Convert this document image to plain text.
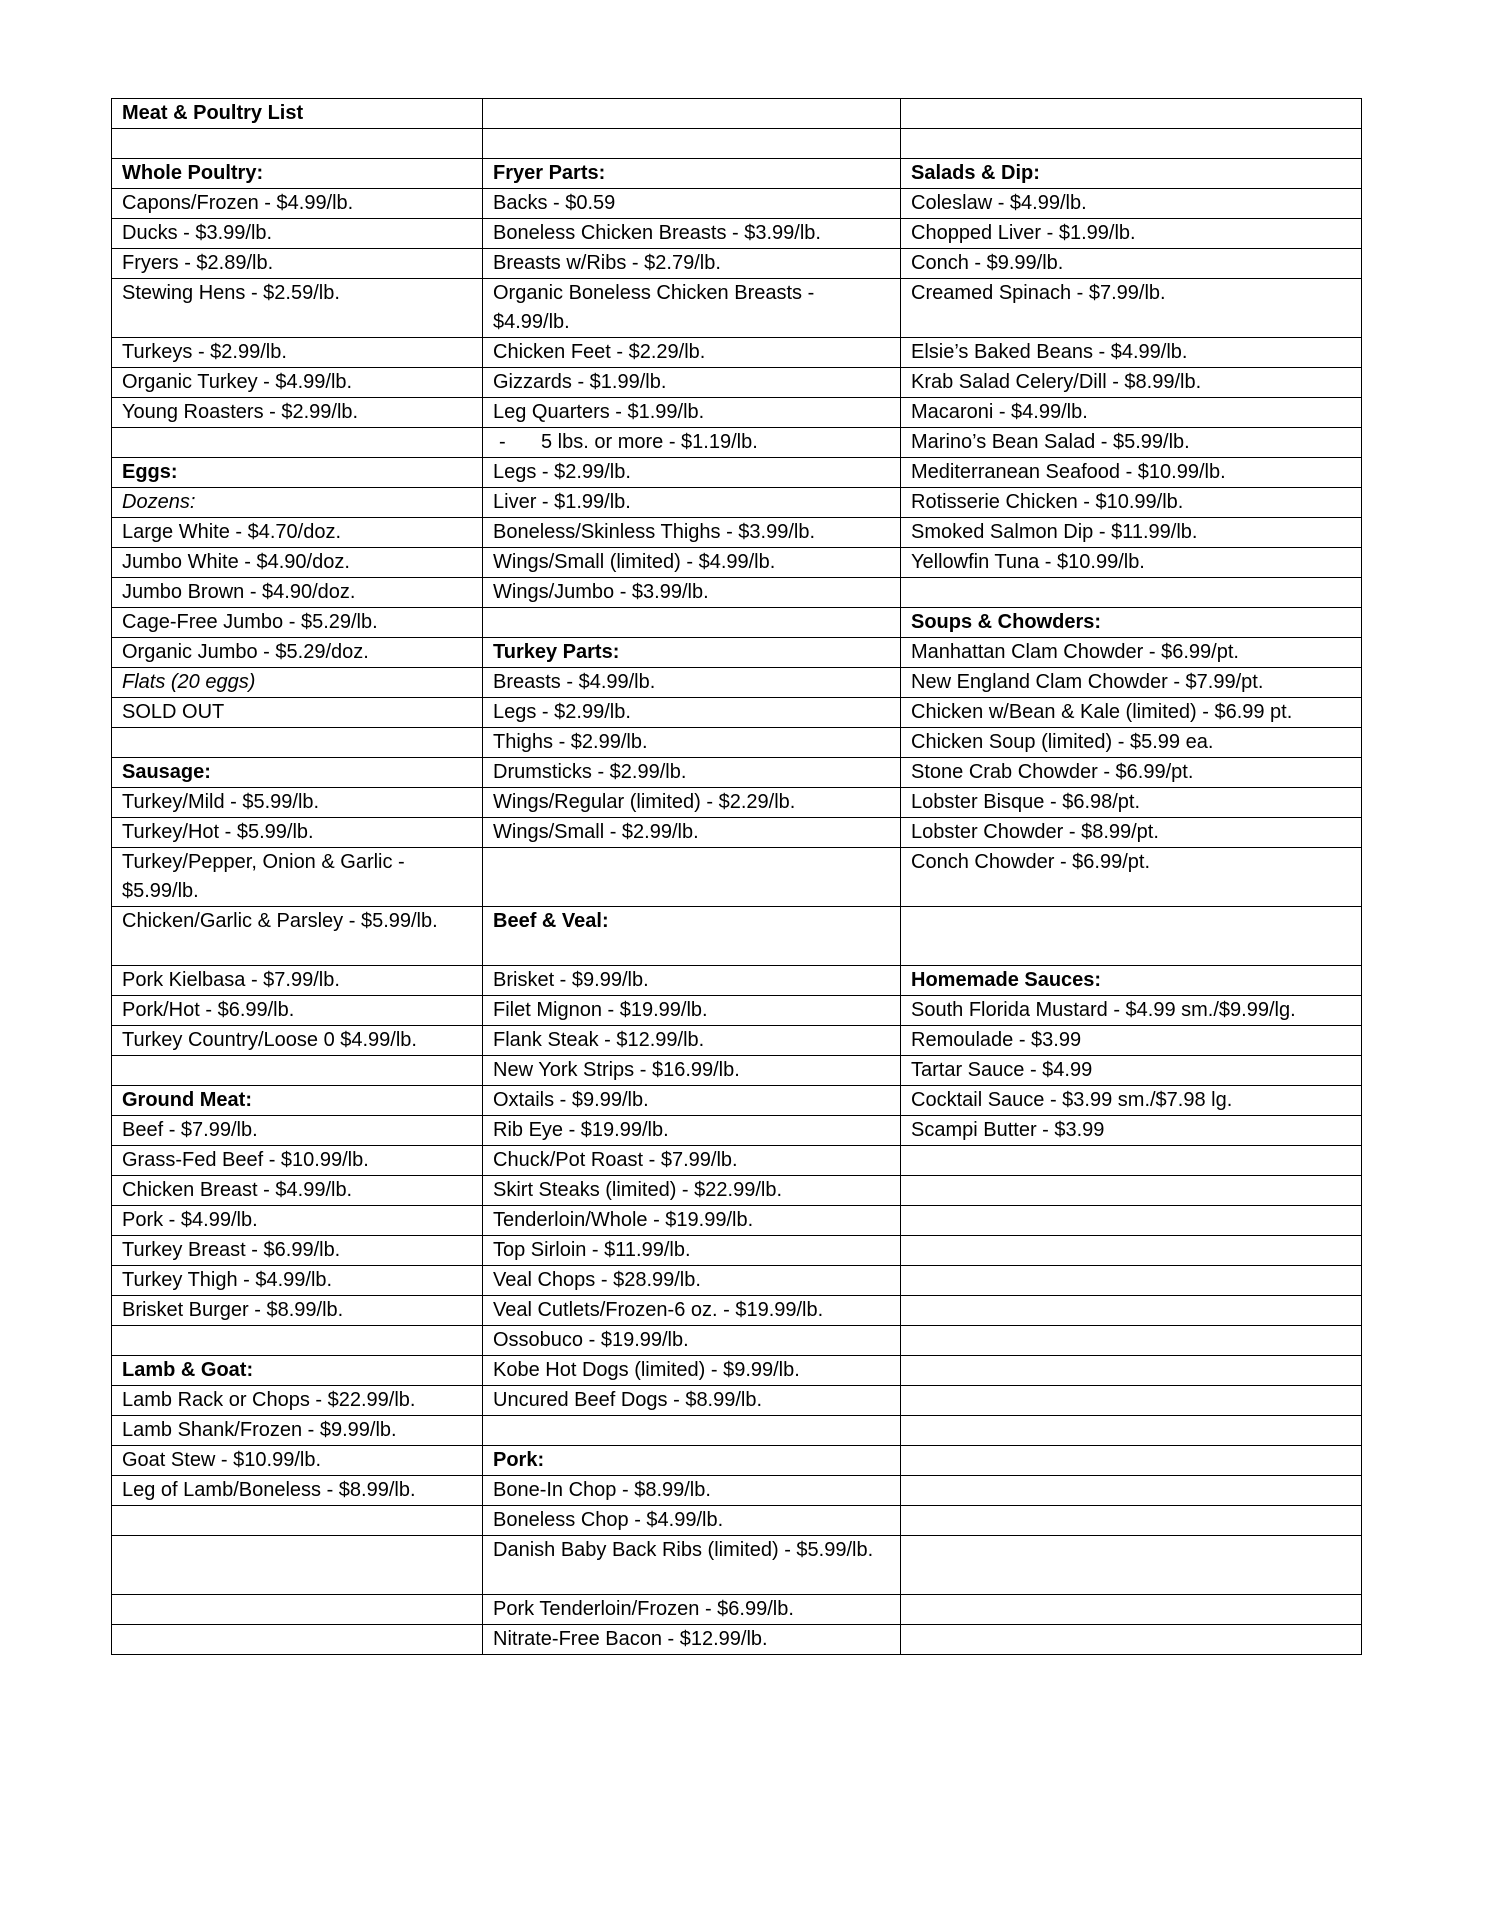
Meat & Poultry List		

Whole Poultry:	Fryer Parts:	Salads & Dip:
Capons/Frozen - $4.99/lb.	Backs - $0.59	Coleslaw - $4.99/lb.
Ducks - $3.99/lb.	Boneless Chicken Breasts - $3.99/lb.	Chopped Liver - $1.99/lb.
Fryers - $2.89/lb.	Breasts w/Ribs - $2.79/lb.	Conch - $9.99/lb.
Stewing Hens - $2.59/lb.	Organic Boneless Chicken Breasts - $4.99/lb.	Creamed Spinach - $7.99/lb.
Turkeys - $2.99/lb.	Chicken Feet - $2.29/lb.	Elsie’s Baked Beans - $4.99/lb.
Organic Turkey - $4.99/lb.	Gizzards - $1.99/lb.	Krab Salad Celery/Dill - $8.99/lb.
Young Roasters - $2.99/lb.	Leg Quarters - $1.99/lb.	Macaroni - $4.99/lb.
	- 5 lbs. or more - $1.19/lb.	Marino’s Bean Salad - $5.99/lb.
Eggs:	Legs - $2.99/lb.	Mediterranean Seafood - $10.99/lb.
Dozens:	Liver - $1.99/lb.	Rotisserie Chicken - $10.99/lb.
Large White - $4.70/doz.	Boneless/Skinless Thighs - $3.99/lb.	Smoked Salmon Dip - $11.99/lb.
Jumbo White - $4.90/doz.	Wings/Small (limited) - $4.99/lb.	Yellowfin Tuna - $10.99/lb.
Jumbo Brown - $4.90/doz.	Wings/Jumbo - $3.99/lb.	
Cage-Free Jumbo - $5.29/lb.		Soups & Chowders:
Organic Jumbo - $5.29/doz.	Turkey Parts:	Manhattan Clam Chowder - $6.99/pt.
Flats (20 eggs)	Breasts - $4.99/lb.	New England Clam Chowder - $7.99/pt.
SOLD OUT	Legs - $2.99/lb.	Chicken w/Bean & Kale (limited) - $6.99 pt.
	Thighs - $2.99/lb.	Chicken Soup (limited) - $5.99 ea.
Sausage:	Drumsticks - $2.99/lb.	Stone Crab Chowder - $6.99/pt.
Turkey/Mild - $5.99/lb.	Wings/Regular (limited) - $2.29/lb.	Lobster Bisque - $6.98/pt.
Turkey/Hot - $5.99/lb.	Wings/Small - $2.99/lb.	Lobster Chowder - $8.99/pt.
Turkey/Pepper, Onion & Garlic - $5.99/lb.		Conch Chowder - $6.99/pt.
Chicken/Garlic & Parsley - $5.99/lb.	Beef & Veal:	
Pork Kielbasa - $7.99/lb.	Brisket - $9.99/lb.	Homemade Sauces:
Pork/Hot - $6.99/lb.	Filet Mignon - $19.99/lb.	South Florida Mustard - $4.99 sm./$9.99/lg.
Turkey Country/Loose 0 $4.99/lb.	Flank Steak - $12.99/lb.	Remoulade - $3.99
	New York Strips - $16.99/lb.	Tartar Sauce - $4.99
Ground Meat:	Oxtails - $9.99/lb.	Cocktail Sauce - $3.99 sm./$7.98 lg.
Beef - $7.99/lb.	Rib Eye - $19.99/lb.	Scampi Butter - $3.99
Grass-Fed Beef - $10.99/lb.	Chuck/Pot Roast - $7.99/lb.	
Chicken Breast - $4.99/lb.	Skirt Steaks (limited) - $22.99/lb.	
Pork - $4.99/lb.	Tenderloin/Whole - $19.99/lb.	
Turkey Breast - $6.99/lb.	Top Sirloin - $11.99/lb.	
Turkey Thigh - $4.99/lb.	Veal Chops - $28.99/lb.	
Brisket Burger - $8.99/lb.	Veal Cutlets/Frozen-6 oz. - $19.99/lb.	
	Ossobuco - $19.99/lb.	
Lamb & Goat:	Kobe Hot Dogs (limited) - $9.99/lb.	
Lamb Rack or Chops - $22.99/lb.	Uncured Beef Dogs - $8.99/lb.	
Lamb Shank/Frozen - $9.99/lb.		
Goat Stew - $10.99/lb.	Pork:	
Leg of Lamb/Boneless - $8.99/lb.	Bone-In Chop - $8.99/lb.	
	Boneless Chop - $4.99/lb.	
	Danish Baby Back Ribs (limited) - $5.99/lb.	
	Pork Tenderloin/Frozen - $6.99/lb.	
	Nitrate-Free Bacon - $12.99/lb.	
